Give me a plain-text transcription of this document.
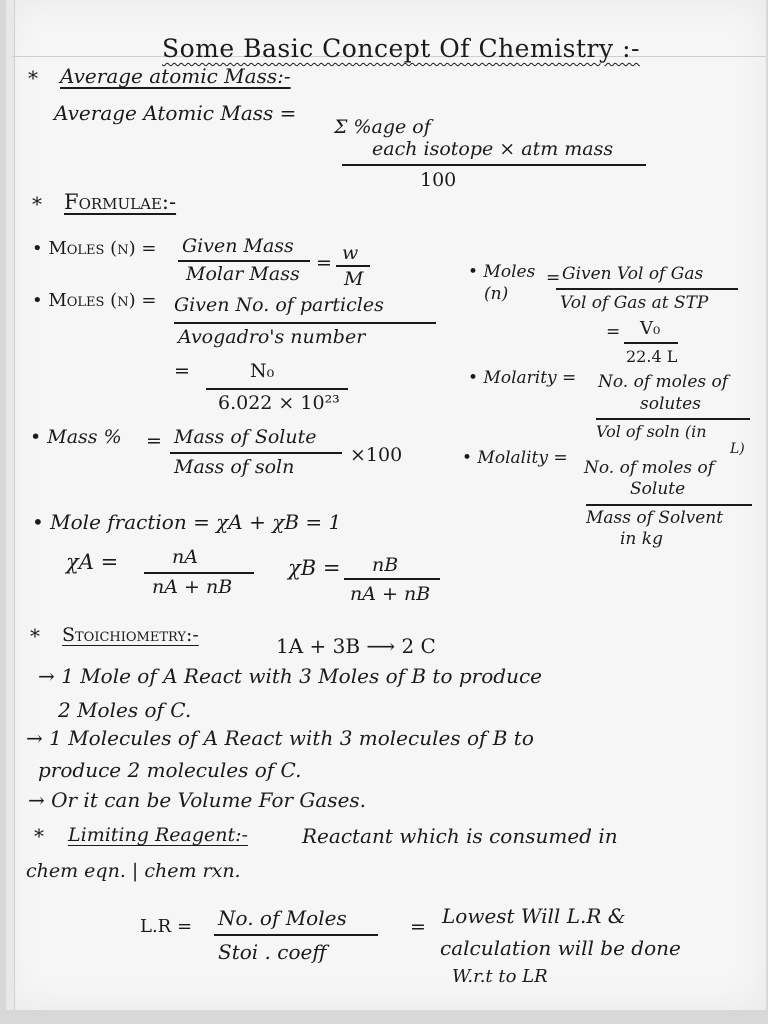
Some Basic Concept Of Chemistry :-
* Average atomic Mass:-
Average Atomic Mass =
Σ %age of
each isotope × atm mass
100
* Formulae:-
• Moles (n) = Given Mass
Molar Mass = w
M
• Moles (n) = Given No. of particles
Avogadro's number
=	N₀
6.022 × 10²³
• Mass % = Mass of Solute
Mass of soln
×100
• Mole fraction = χA + χB = 1
χA =	nA
nA + nB
χB = nB
nA + nB
• Moles
(n)
= Given Vol of Gas
Vol of Gas at STP
= V₀
22.4 L
• Molarity = No. of moles of
solutes
Vol of soln (in
L)
• Molality = No. of moles of
Solute
Mass of Solvent
in kg
* Stoichiometry:-	1A + 3B ⟶ 2 C
→ 1 Mole of A React with 3 Moles of B to produce
2 Moles of C.
→ 1 Molecules of A React with 3 molecules of B to
produce 2 molecules of C.
→ Or it can be Volume For Gases.
* Limiting Reagent:-	Reactant which is consumed in
chem eqn. | chem rxn.
L.R = No. of Moles
Stoi . coeff
= Lowest Will L.R &
calculation will be done
W.r.t to LR
